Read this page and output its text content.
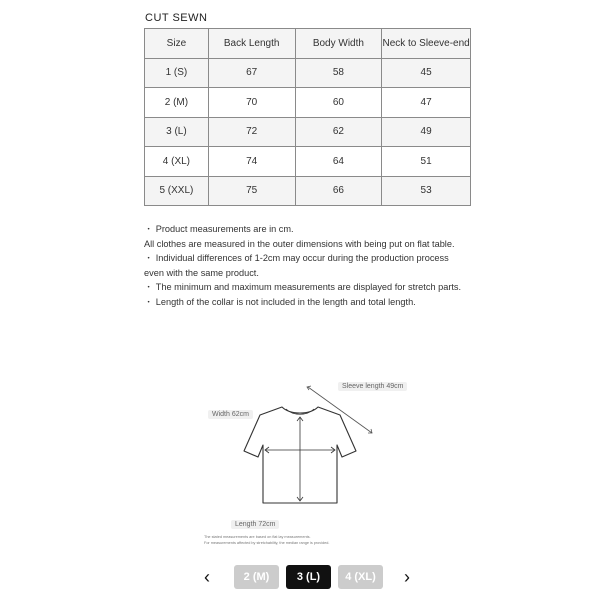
CUT SEWN
Size	Back Length	Body Width	Neck to Sleeve-end
1 (S)	67	58	45
2 (M)	70	60	47
3 (L)	72	62	49
4 (XL)	74	64	51
5 (XXL)	75	66	53

・ Product measurements are in cm.

All clothes are measured in the outer dimensions with being put on flat table.

・ Individual differences of 1-2cm may occur during the production process even with the same product.

・ The minimum and maximum measurements are displayed for stretch parts.

・ Length of the collar is not included in the length and total length.

Sleeve length 49cm
Width 62cm
Length 72cm
The stated measurements are based on flat lay measurements.
For measurements affected by stretchability, the median range is provided.
‹	2 (M)	3 (L)	4 (XL)	›
